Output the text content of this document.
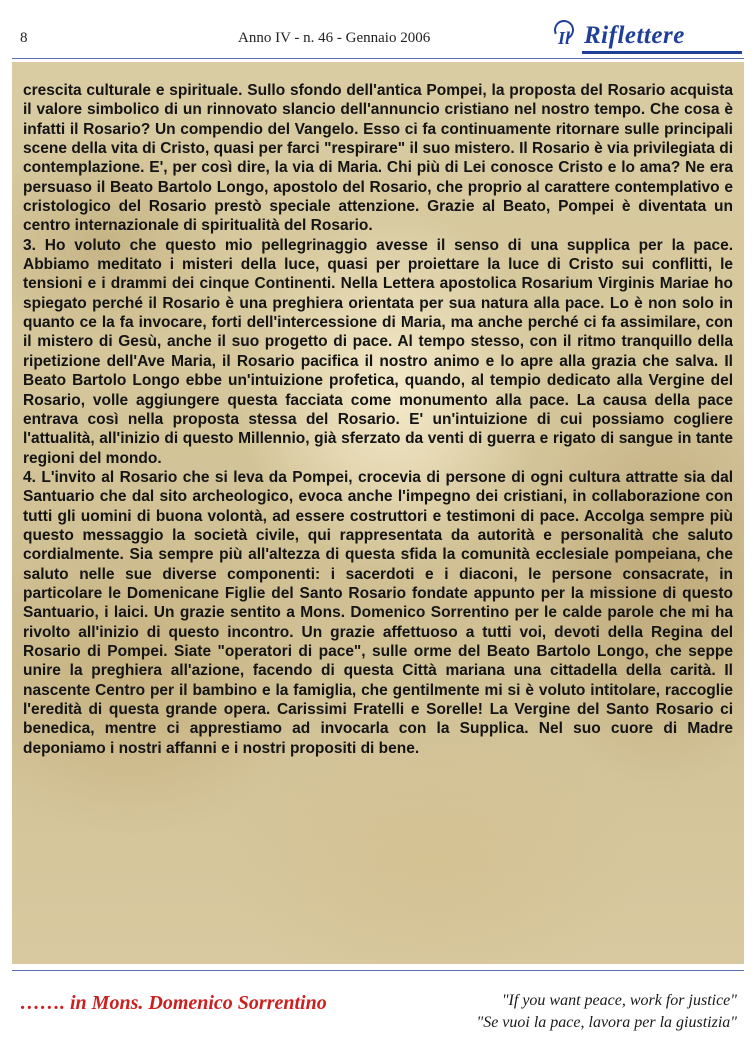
8	Anno IV - n. 46 - Gennaio 2006	Il Riflettere

crescita culturale e spirituale. Sullo sfondo dell'antica Pompei, la proposta del Rosario acquista il valore simbolico di un rinnovato slancio dell'annuncio cristiano nel nostro tempo. Che cosa è infatti il Rosario? Un compendio del Vangelo. Esso ci fa continuamente ritornare sulle principali scene della vita di Cristo, quasi per farci "respirare" il suo mistero. Il Rosario è via privilegiata di contemplazione. E', per così dire, la via di Maria. Chi più di Lei conosce Cristo e lo ama? Ne era persuaso il Beato Bartolo Longo, apostolo del Rosario, che proprio al carattere contemplativo e cristologico del Rosario prestò speciale attenzione. Grazie al Beato, Pompei è diventata un centro internazionale di spiritualità del Rosario.

3. Ho voluto che questo mio pellegrinaggio avesse il senso di una supplica per la pace. Abbiamo meditato i misteri della luce, quasi per proiettare la luce di Cristo sui conflitti, le tensioni e i drammi dei cinque Continenti. Nella Lettera apostolica Rosarium Virginis Mariae ho spiegato perché il Rosario è una preghiera orientata per sua natura alla pace. Lo è non solo in quanto ce la fa invocare, forti dell'intercessione di Maria, ma anche perché ci fa assimilare, con il mistero di Gesù, anche il suo progetto di pace. Al tempo stesso, con il ritmo tranquillo della ripetizione dell'Ave Maria, il Rosario pacifica il nostro animo e lo apre alla grazia che salva. Il Beato Bartolo Longo ebbe un'intuizione profetica, quando, al tempio dedicato alla Vergine del Rosario, volle aggiungere questa facciata come monumento alla pace. La causa della pace entrava così nella proposta stessa del Rosario. E' un'intuizione di cui possiamo cogliere l'attualità, all'inizio di questo Millennio, già sferzato da venti di guerra e rigato di sangue in tante regioni del mondo.

4. L'invito al Rosario che si leva da Pompei, crocevia di persone di ogni cultura attratte sia dal Santuario che dal sito archeologico, evoca anche l'impegno dei cristiani, in collaborazione con tutti gli uomini di buona volontà, ad essere costruttori e testimoni di pace. Accolga sempre più questo messaggio la società civile, qui rappresentata da autorità e personalità che saluto cordialmente. Sia sempre più all'altezza di questa sfida la comunità ecclesiale pompeiana, che saluto nelle sue diverse componenti: i sacerdoti e i diaconi, le persone consacrate, in particolare le Domenicane Figlie del Santo Rosario fondate appunto per la missione di questo Santuario, i laici. Un grazie sentito a Mons. Domenico Sorrentino per le calde parole che mi ha rivolto all'inizio di questo incontro. Un grazie affettuoso a tutti voi, devoti della Regina del Rosario di Pompei. Siate "operatori di pace", sulle orme del Beato Bartolo Longo, che seppe unire la preghiera all'azione, facendo di questa Città mariana una cittadella della carità. Il nascente Centro per il bambino e la famiglia, che gentilmente mi si è voluto intitolare, raccoglie l'eredità di questa grande opera. Carissimi Fratelli e Sorelle! La Vergine del Santo Rosario ci benedica, mentre ci apprestiamo ad invocarla con la Supplica. Nel suo cuore di Madre deponiamo i nostri affanni e i nostri propositi di bene.

……. in Mons. Domenico Sorrentino	"If you want peace, work for justice"
"Se vuoi la pace, lavora per la giustizia"
